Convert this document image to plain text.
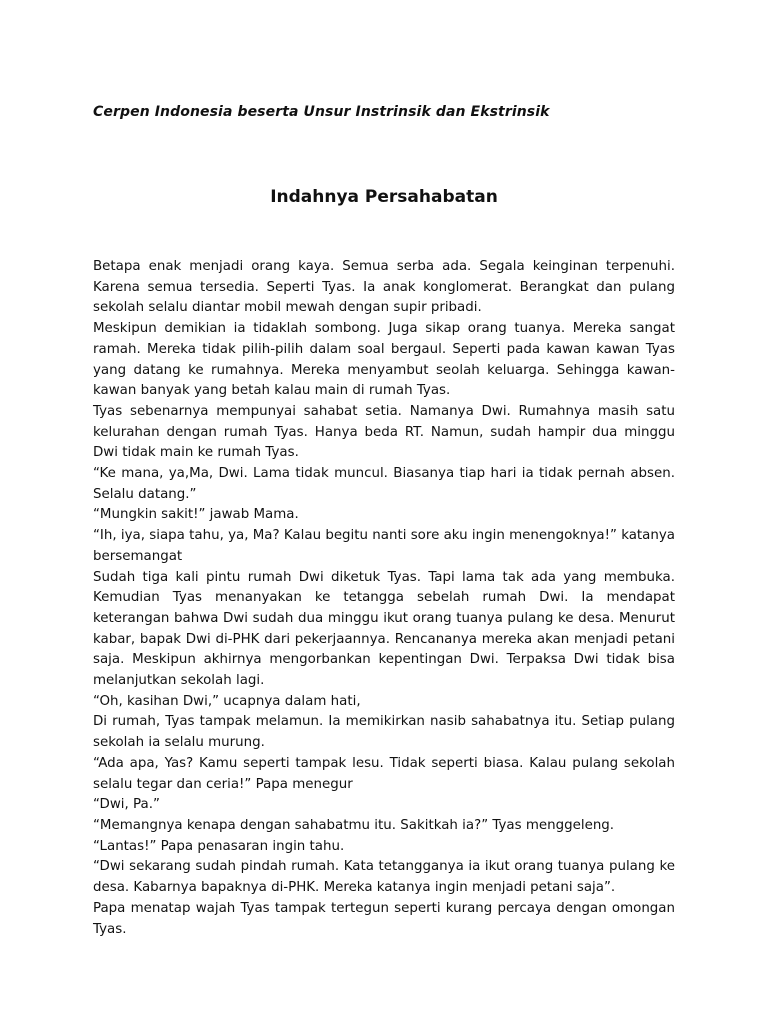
Cerpen Indonesia beserta Unsur Instrinsik dan Ekstrinsik
Indahnya Persahabatan

Betapa enak menjadi orang kaya. Semua serba ada. Segala keinginan terpenuhi. Karena semua tersedia. Seperti Tyas. Ia anak konglomerat. Berangkat dan pulang sekolah selalu diantar mobil mewah dengan supir pribadi.

Meskipun demikian ia tidaklah sombong. Juga sikap orang tuanya. Mereka sangat ramah. Mereka tidak pilih-pilih dalam soal bergaul. Seperti pada kawan kawan Tyas yang datang ke rumahnya. Mereka menyambut seolah keluarga. Sehingga kawan-kawan banyak yang betah kalau main di rumah Tyas.

Tyas sebenarnya mempunyai sahabat setia. Namanya Dwi. Rumahnya masih satu kelurahan dengan rumah Tyas. Hanya beda RT. Namun, sudah hampir dua minggu Dwi tidak main ke rumah Tyas.

“Ke mana, ya,Ma, Dwi. Lama tidak muncul. Biasanya tiap hari ia tidak pernah absen. Selalu datang.”

“Mungkin sakit!” jawab Mama.

“Ih, iya, siapa tahu, ya, Ma? Kalau begitu nanti sore aku ingin menengoknya!” katanya bersemangat

Sudah tiga kali pintu rumah Dwi diketuk Tyas. Tapi lama tak ada yang membuka. Kemudian Tyas menanyakan ke tetangga sebelah rumah Dwi. Ia mendapat keterangan bahwa Dwi sudah dua minggu ikut orang tuanya pulang ke desa. Menurut kabar, bapak Dwi di-PHK dari pekerjaannya. Rencananya mereka akan menjadi petani saja. Meskipun akhirnya mengorbankan kepentingan Dwi. Terpaksa Dwi tidak bisa melanjutkan sekolah lagi.

“Oh, kasihan Dwi,” ucapnya dalam hati,

Di rumah, Tyas tampak melamun. Ia memikirkan nasib sahabatnya itu. Setiap pulang sekolah ia selalu murung.

“Ada apa, Yas? Kamu seperti tampak lesu. Tidak seperti biasa. Kalau pulang sekolah selalu tegar dan ceria!” Papa menegur

“Dwi, Pa.”

“Memangnya kenapa dengan sahabatmu itu. Sakitkah ia?” Tyas menggeleng.

“Lantas!” Papa penasaran ingin tahu.

“Dwi sekarang sudah pindah rumah. Kata tetangganya ia ikut orang tuanya pulang ke desa. Kabarnya bapaknya di-PHK. Mereka katanya ingin menjadi petani saja”.

Papa menatap wajah Tyas tampak tertegun seperti kurang percaya dengan omongan Tyas.
